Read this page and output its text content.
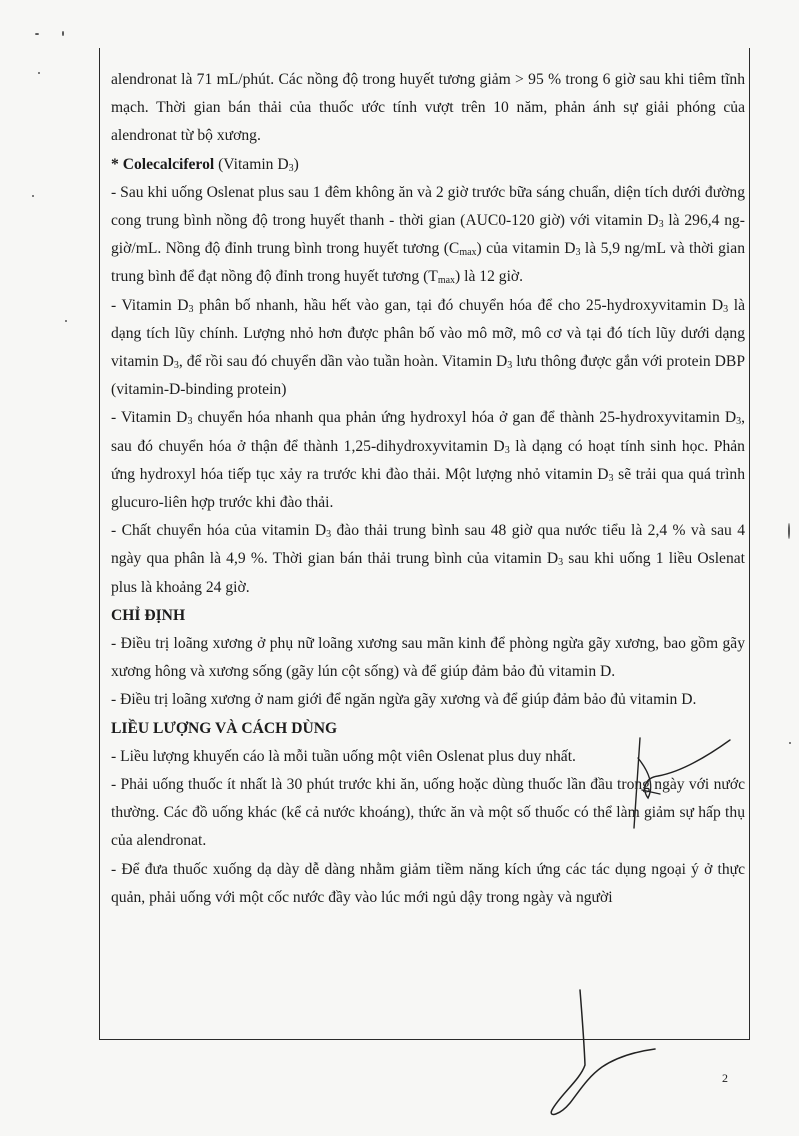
alendronat là 71 mL/phút. Các nồng độ trong huyết tương giảm > 95 % trong 6 giờ sau khi tiêm tĩnh mạch. Thời gian bán thải của thuốc ước tính vượt trên 10 năm, phản ánh sự giải phóng của alendronat từ bộ xương.

* Colecalciferol (Vitamin $D_3$)

- Sau khi uống Oslenat plus sau 1 đêm không ăn và 2 giờ trước bữa sáng chuẩn, diện tích dưới đường cong trung bình nồng độ trong huyết thanh - thời gian (AUC0-120 giờ) với vitamin $D_3$ là 296,4 ng-giờ/mL. Nồng độ đỉnh trung bình trong huyết tương $(C_{max})$ của vitamin $D_3$ là 5,9 ng/mL và thời gian trung bình để đạt nồng độ đỉnh trong huyết tương $(T_{max})$ là 12 giờ.

- Vitamin $D_3$ phân bố nhanh, hầu hết vào gan, tại đó chuyển hóa để cho 25-hydroxyvitamin $D_3$ là dạng tích lũy chính. Lượng nhỏ hơn được phân bố vào mô mỡ, mô cơ và tại đó tích lũy dưới dạng vitamin $D_3$, để rồi sau đó chuyển dần vào tuần hoàn. Vitamin $D_3$ lưu thông được gắn với protein DBP (vitamin-D-binding protein)

- Vitamin $D_3$ chuyển hóa nhanh qua phản ứng hydroxyl hóa ở gan để thành 25-hydroxyvitamin $D_3$, sau đó chuyển hóa ở thận để thành 1,25-dihydroxyvitamin $D_3$ là dạng có hoạt tính sinh học. Phản ứng hydroxyl hóa tiếp tục xảy ra trước khi đào thải. Một lượng nhỏ vitamin $D_3$ sẽ trải qua quá trình glucuro-liên hợp trước khi đào thải.

- Chất chuyển hóa của vitamin $D_3$ đào thải trung bình sau 48 giờ qua nước tiểu là 2,4 % và sau 4 ngày qua phân là 4,9 %. Thời gian bán thải trung bình của vitamin $D_3$ sau khi uống 1 liều Oslenat plus là khoảng 24 giờ.

CHỈ ĐỊNH

- Điều trị loãng xương ở phụ nữ loãng xương sau mãn kinh để phòng ngừa gãy xương, bao gồm gãy xương hông và xương sống (gãy lún cột sống) và để giúp đảm bảo đủ vitamin D.

- Điều trị loãng xương ở nam giới để ngăn ngừa gãy xương và để giúp đảm bảo đủ vitamin D.

LIỀU LƯỢNG VÀ CÁCH DÙNG

- Liều lượng khuyến cáo là mỗi tuần uống một viên Oslenat plus duy nhất.

- Phải uống thuốc ít nhất là 30 phút trước khi ăn, uống hoặc dùng thuốc lần đầu trong ngày với nước thường. Các đồ uống khác (kể cả nước khoáng), thức ăn và một số thuốc có thể làm giảm sự hấp thụ của alendronat.

- Để đưa thuốc xuống dạ dày dễ dàng nhằm giảm tiềm năng kích ứng các tác dụng ngoại ý ở thực quản, phải uống với một cốc nước đầy vào lúc mới ngủ dậy trong ngày và người

2
